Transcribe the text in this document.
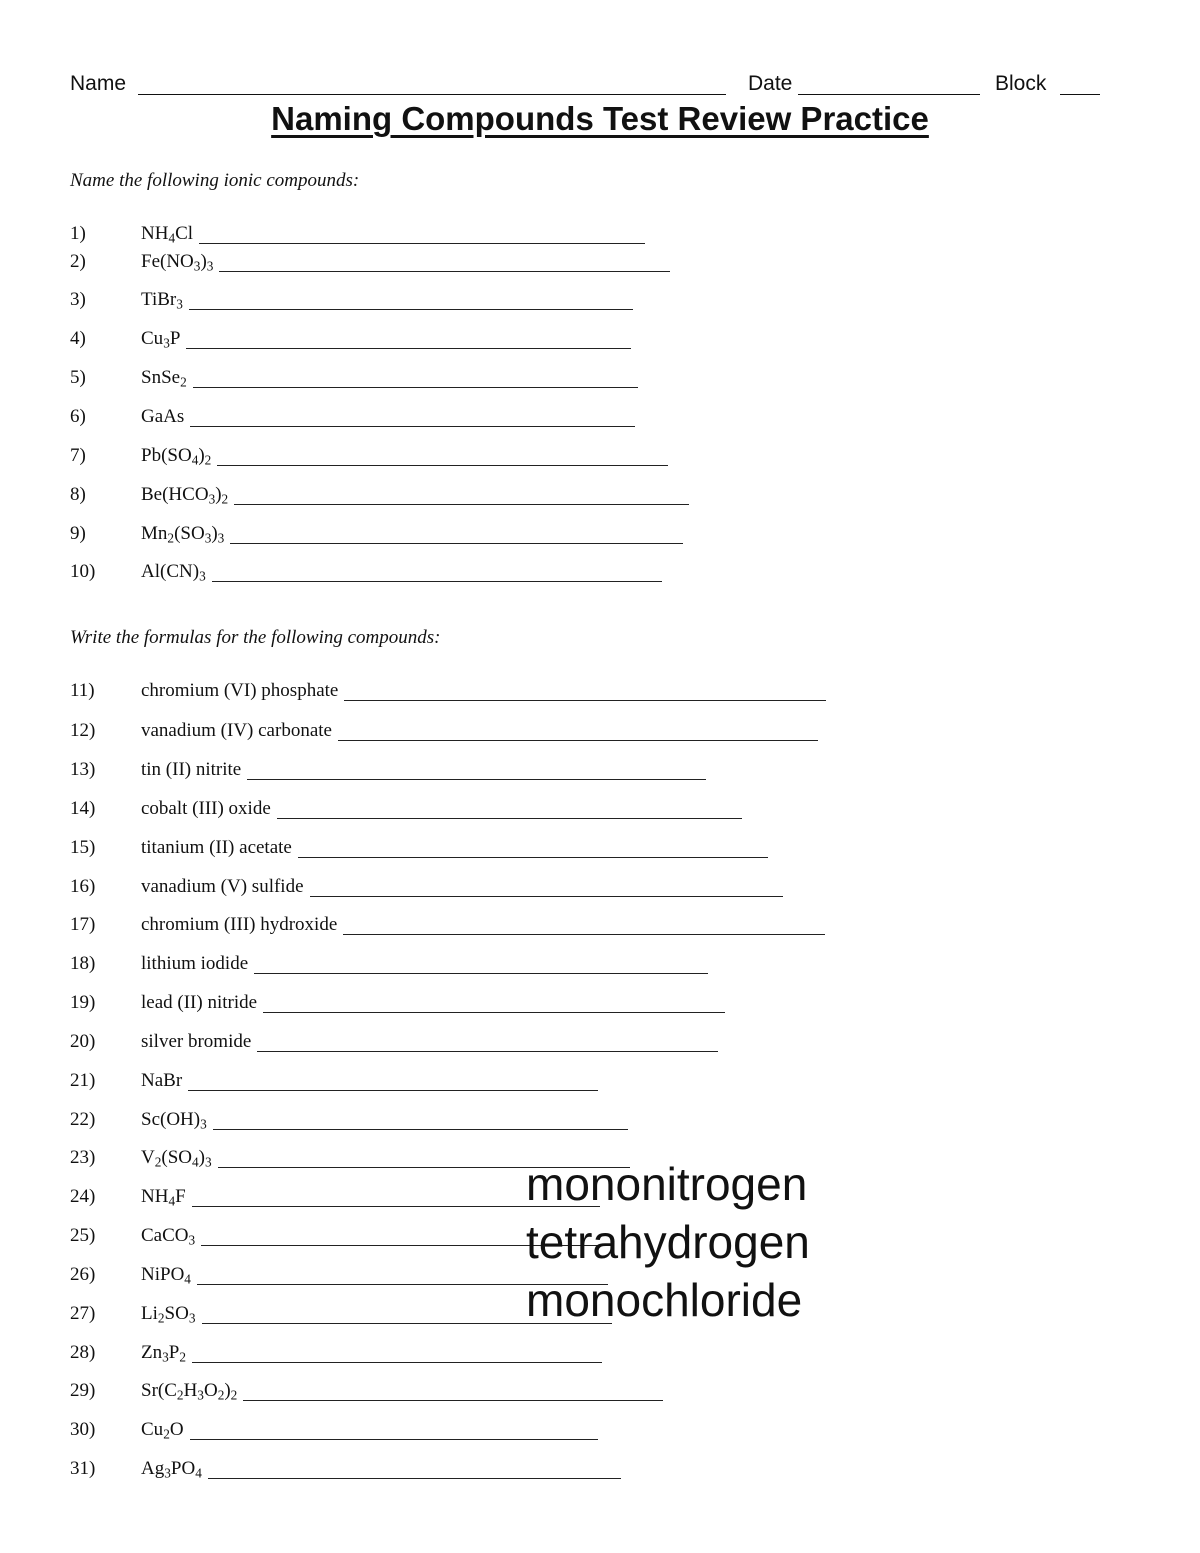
Name	Date	Block
Naming Compounds Test Review Practice
Name the following ionic compounds:
1)	$NH_4Cl$
2)	$Fe(NO_3)_3$
3)	TiBr$_3$
4)	$Cu_3P$
5)	SnSe$_2$
6)	GaAs
7)	$Pb(SO_4)_2$
8)	$Be(HCO_3)_2$
9)	$Mn_2(SO_3)_3$
10) $Al(CN)_3$
Write the formulas for the following compounds:
11) chromium (VI) phosphate
12) vanadium (IV) carbonate
13) tin (II) nitrite
14) cobalt (III) oxide
15) titanium (II) acetate
16) vanadium (V) sulfide
17) chromium (III) hydroxide
18) lithium iodide
19) lead (II) nitride
20) silver bromide
21) NaBr
22) $Sc(OH)_3$
23) $V_2(SO_4)_3$
24) $NH_4F$
25) CaCO$_3$
26) NiPO$_4$
27) $Li_2SO_3$
28) $Zn_3P_2$
29) $Sr(C_2H_3O_2)_2$
30) $Cu_2O$
31) $Ag_3PO_4$
mononitrogen
tetrahydrogen
monochloride
